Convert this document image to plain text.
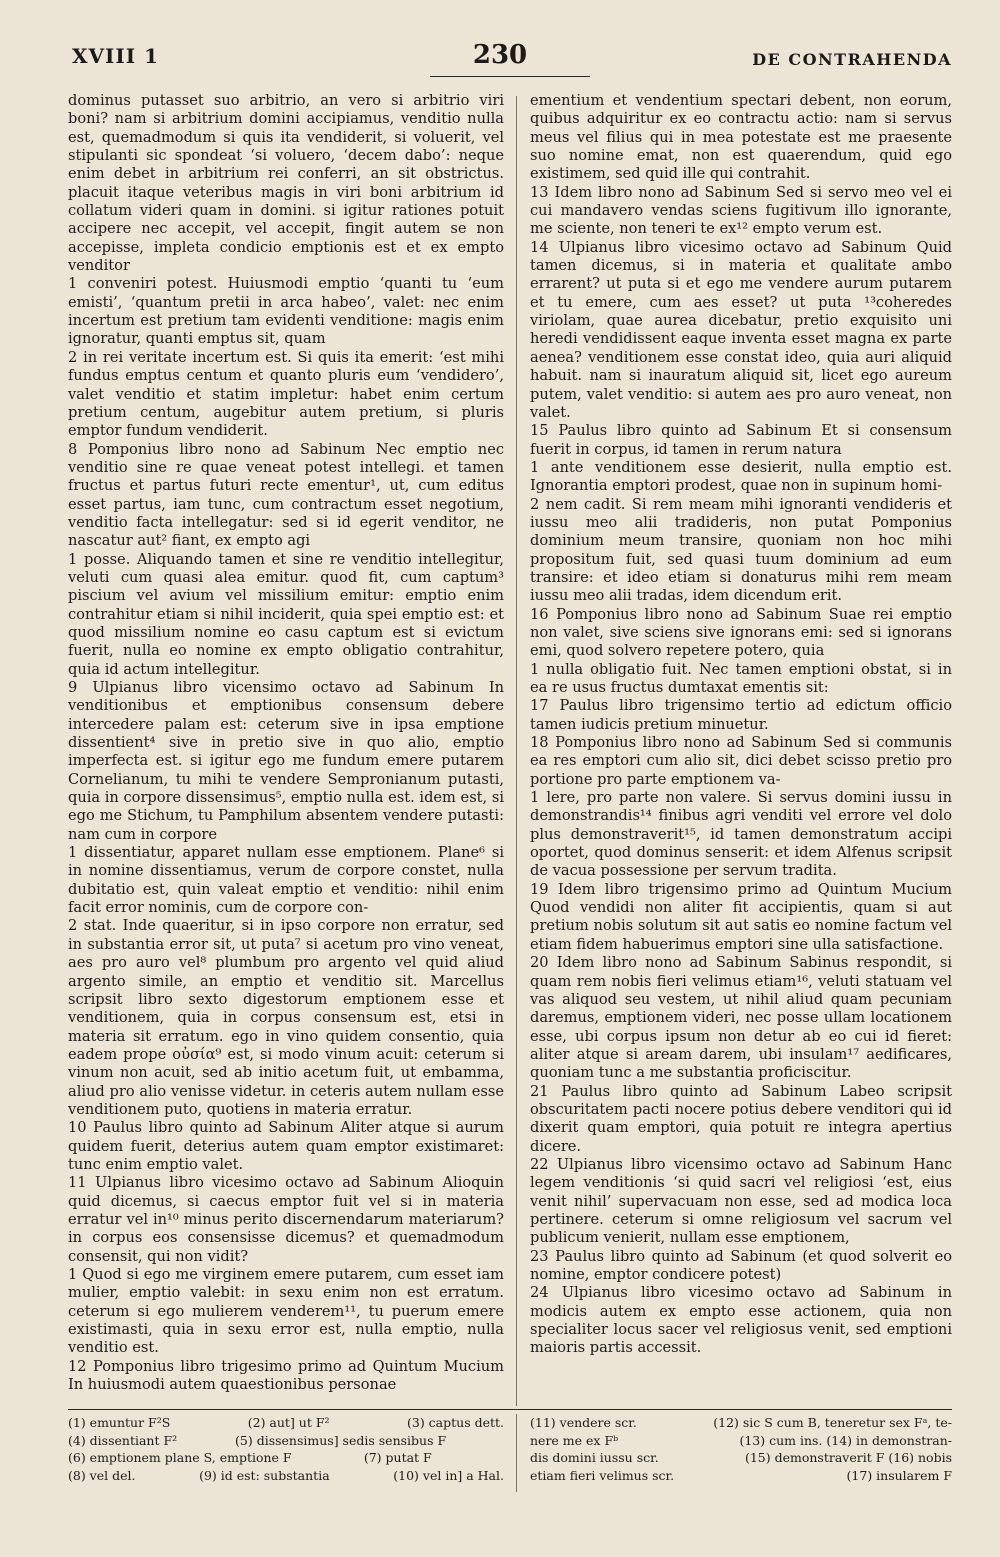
XVIII 1	230	DE CONTRAHENDA

dominus putasset suo arbitrio, an vero si arbitrio viri boni? nam si arbitrium domini accipiamus, venditio nulla est, quemadmodum si quis ita vendiderit, si voluerit, vel stipulanti sic spondeat ‘si voluero, ‘decem dabo’: neque enim debet in arbitrium rei conferri, an sit obstrictus. placuit itaque veteribus magis in viri boni arbitrium id collatum videri quam in domini. si igitur rationes potuit accipere nec accepit, vel accepit, fingit autem se non accepisse, impleta condicio emptionis est et ex empto venditor

1 conveniri potest. Huiusmodi emptio ‘quanti tu ‘eum emisti’, ‘quantum pretii in arca habeo’, valet: nec enim incertum est pretium tam evidenti venditione: magis enim ignoratur, quanti emptus sit, quam

2 in rei veritate incertum est. Si quis ita emerit: ‘est mihi fundus emptus centum et quanto pluris eum ‘vendidero’, valet venditio et statim impletur: habet enim certum pretium centum, augebitur autem pretium, si pluris emptor fundum vendiderit.

8 Pomponius libro nono ad Sabinum Nec emptio nec venditio sine re quae veneat potest intellegi. et tamen fructus et partus futuri recte ementur¹, ut, cum editus esset partus, iam tunc, cum contractum esset negotium, venditio facta intellegatur: sed si id egerit venditor, ne nascatur aut² fiant, ex empto agi

1 posse. Aliquando tamen et sine re venditio intellegitur, veluti cum quasi alea emitur. quod fit, cum captum³ piscium vel avium vel missilium emitur: emptio enim contrahitur etiam si nihil inciderit, quia spei emptio est: et quod missilium nomine eo casu captum est si evictum fuerit, nulla eo nomine ex empto obligatio contrahitur, quia id actum intellegitur.

9 Ulpianus libro vicensimo octavo ad Sabinum In venditionibus et emptionibus consensum debere intercedere palam est: ceterum sive in ipsa emptione dissentient⁴ sive in pretio sive in quo alio, emptio imperfecta est. si igitur ego me fundum emere putarem Cornelianum, tu mihi te vendere Sempronianum putasti, quia in corpore dissensimus⁵, emptio nulla est. idem est, si ego me Stichum, tu Pamphilum absentem vendere putasti: nam cum in corpore

1 dissentiatur, apparet nullam esse emptionem. Plane⁶ si in nomine dissentiamus, verum de corpore constet, nulla dubitatio est, quin valeat emptio et venditio: nihil enim facit error nominis, cum de corpore con-

2 stat. Inde quaeritur, si in ipso corpore non erratur, sed in substantia error sit, ut puta⁷ si acetum pro vino veneat, aes pro auro vel⁸ plumbum pro argento vel quid aliud argento simile, an emptio et venditio sit. Marcellus scripsit libro sexto digestorum emptionem esse et venditionem, quia in corpus consensum est, etsi in materia sit erratum. ego in vino quidem consentio, quia eadem prope οὐσία⁹ est, si modo vinum acuit: ceterum si vinum non acuit, sed ab initio acetum fuit, ut embamma, aliud pro alio venisse videtur. in ceteris autem nullam esse venditionem puto, quotiens in materia erratur.

10 Paulus libro quinto ad Sabinum Aliter atque si aurum quidem fuerit, deterius autem quam emptor existimaret: tunc enim emptio valet.

11 Ulpianus libro vicesimo octavo ad Sabinum Alioquin quid dicemus, si caecus emptor fuit vel si in materia erratur vel in¹⁰ minus perito discernendarum materiarum? in corpus eos consensisse dicemus? et quemadmodum consensit, qui non vidit?

1 Quod si ego me virginem emere putarem, cum esset iam mulier, emptio valebit: in sexu enim non est erratum. ceterum si ego mulierem venderem¹¹, tu puerum emere existimasti, quia in sexu error est, nulla emptio, nulla venditio est.

12 Pomponius libro trigesimo primo ad Quintum Mucium In huiusmodi autem quaestionibus personae

ementium et vendentium spectari debent, non eorum, quibus adquiritur ex eo contractu actio: nam si servus meus vel filius qui in mea potestate est me praesente suo nomine emat, non est quaerendum, quid ego existimem, sed quid ille qui contrahit.

13 Idem libro nono ad Sabinum Sed si servo meo vel ei cui mandavero vendas sciens fugitivum illo ignorante, me sciente, non teneri te ex¹² empto verum est.

14 Ulpianus libro vicesimo octavo ad Sabinum Quid tamen dicemus, si in materia et qualitate ambo errarent? ut puta si et ego me vendere aurum putarem et tu emere, cum aes esset? ut puta ¹³coheredes viriolam, quae aurea dicebatur, pretio exquisito uni heredi vendidissent eaque inventa esset magna ex parte aenea? venditionem esse constat ideo, quia auri aliquid habuit. nam si inauratum aliquid sit, licet ego aureum putem, valet venditio: si autem aes pro auro veneat, non valet.

15 Paulus libro quinto ad Sabinum Et si consensum fuerit in corpus, id tamen in rerum natura

1 ante venditionem esse desierit, nulla emptio est. Ignorantia emptori prodest, quae non in supinum homi-

2 nem cadit. Si rem meam mihi ignoranti vendideris et iussu meo alii tradideris, non putat Pomponius dominium meum transire, quoniam non hoc mihi propositum fuit, sed quasi tuum dominium ad eum transire: et ideo etiam si donaturus mihi rem meam iussu meo alii tradas, idem dicendum erit.

16 Pomponius libro nono ad Sabinum Suae rei emptio non valet, sive sciens sive ignorans emi: sed si ignorans emi, quod solvero repetere potero, quia

1 nulla obligatio fuit. Nec tamen emptioni obstat, si in ea re usus fructus dumtaxat ementis sit:

17 Paulus libro trigensimo tertio ad edictum officio tamen iudicis pretium minuetur.

18 Pomponius libro nono ad Sabinum Sed si communis ea res emptori cum alio sit, dici debet scisso pretio pro portione pro parte emptionem va-

1 lere, pro parte non valere. Si servus domini iussu in demonstrandis¹⁴ finibus agri venditi vel errore vel dolo plus demonstraverit¹⁵, id tamen demonstratum accipi oportet, quod dominus senserit: et idem Alfenus scripsit de vacua possessione per servum tradita.

19 Idem libro trigensimo primo ad Quintum Mucium Quod vendidi non aliter fit accipientis, quam si aut pretium nobis solutum sit aut satis eo nomine factum vel etiam fidem habuerimus emptori sine ulla satisfactione.

20 Idem libro nono ad Sabinum Sabinus respondit, si quam rem nobis fieri velimus etiam¹⁶, veluti statuam vel vas aliquod seu vestem, ut nihil aliud quam pecuniam daremus, emptionem videri, nec posse ullam locationem esse, ubi corpus ipsum non detur ab eo cui id fieret: aliter atque si aream darem, ubi insulam¹⁷ aedificares, quoniam tunc a me substantia proficiscitur.

21 Paulus libro quinto ad Sabinum Labeo scripsit obscuritatem pacti nocere potius debere venditori qui id dixerit quam emptori, quia potuit re integra apertius dicere.

22 Ulpianus libro vicensimo octavo ad Sabinum Hanc legem venditionis ‘si quid sacri vel religiosi ‘est, eius venit nihil’ supervacuam non esse, sed ad modica loca pertinere. ceterum si omne religiosum vel sacrum vel publicum venierit, nullam esse emptionem,

23 Paulus libro quinto ad Sabinum (et quod solverit eo nomine, emptor condicere potest)

24 Ulpianus libro vicesimo octavo ad Sabinum in modicis autem ex empto esse actionem, quia non specialiter locus sacer vel religiosus venit, sed emptioni maioris partis accessit.

(1) emuntur F²S	(2) aut] ut F²	(3) captus dett.
(4) dissentiant F²	(5) dissensimus] sedis sensibus F
(6) emptionem plane S, emptione F	(7) putat F
(8) vel del.	(9) id est: substantia	(10) vel in] a Hal.
(11) vendere scr.	(12) sic S cum B, teneretur sex Fᵃ, te-
nere me ex Fᵇ	(13) cum ins. (14) in demonstran-
dis domini iussu scr.	(15) demonstraverit F (16) nobis
etiam fieri velimus scr.	(17) insularem F
